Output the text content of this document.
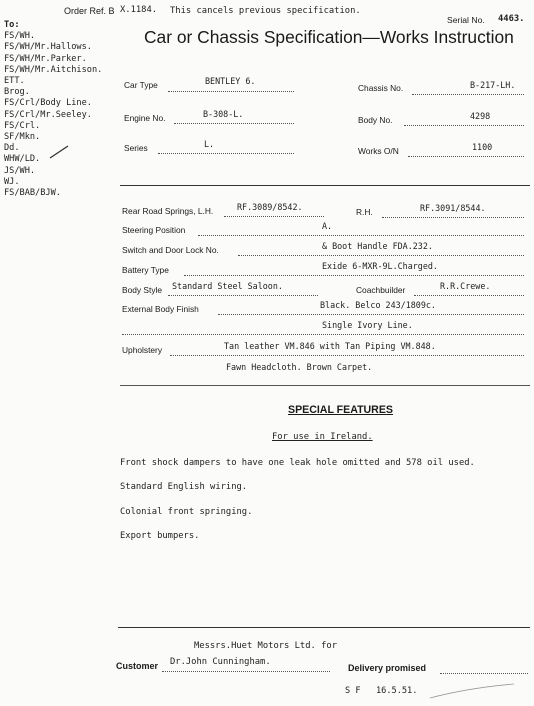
Order Ref. B X.1184. This cancels previous specification.
Serial No. 4463.
Car or Chassis Specification—Works Instruction
To:
FS/WH.
FS/WH/Mr.Hallows.
FS/WH/Mr.Parker.
FS/WH/Mr.Aitchison.
ETT.
Brog.
FS/Crl/Body Line.
FS/Crl/Mr.Seeley.
FS/Crl.
SF/Mkn.
Dd.
WHW/LD.
JS/WH.
WJ.
FS/BAB/BJW.
Car Type	BENTLEY 6.
Chassis No.	B-217-LH.
Engine No.	B-308-L.
Body No.	4298
Series	L.
Works O/N	1100
Rear Road Springs, L.H.	RF.3089/8542.	R.H.	RF.3091/8544.
Steering Position	A.
Switch and Door Lock No.	& Boot Handle FDA.232.
Battery Type	Exide 6-MXR-9L.Charged.
Body Style Standard Steel Saloon.	Coachbuilder	R.R.Crewe.
External Body Finish	Black. Belco 243/1809c.
Single Ivory Line.
Upholstery	Tan leather VM.846 with Tan Piping VM.848.
Fawn Headcloth. Brown Carpet.
SPECIAL FEATURES
For use in Ireland.
Front shock dampers to have one leak hole omitted and 578 oil used.
Standard English wiring.
Colonial front springing.
Export bumpers.
Messrs.Huet Motors Ltd. for
Customer Dr.John Cunningham.
Delivery promised
S F 16.5.51.
